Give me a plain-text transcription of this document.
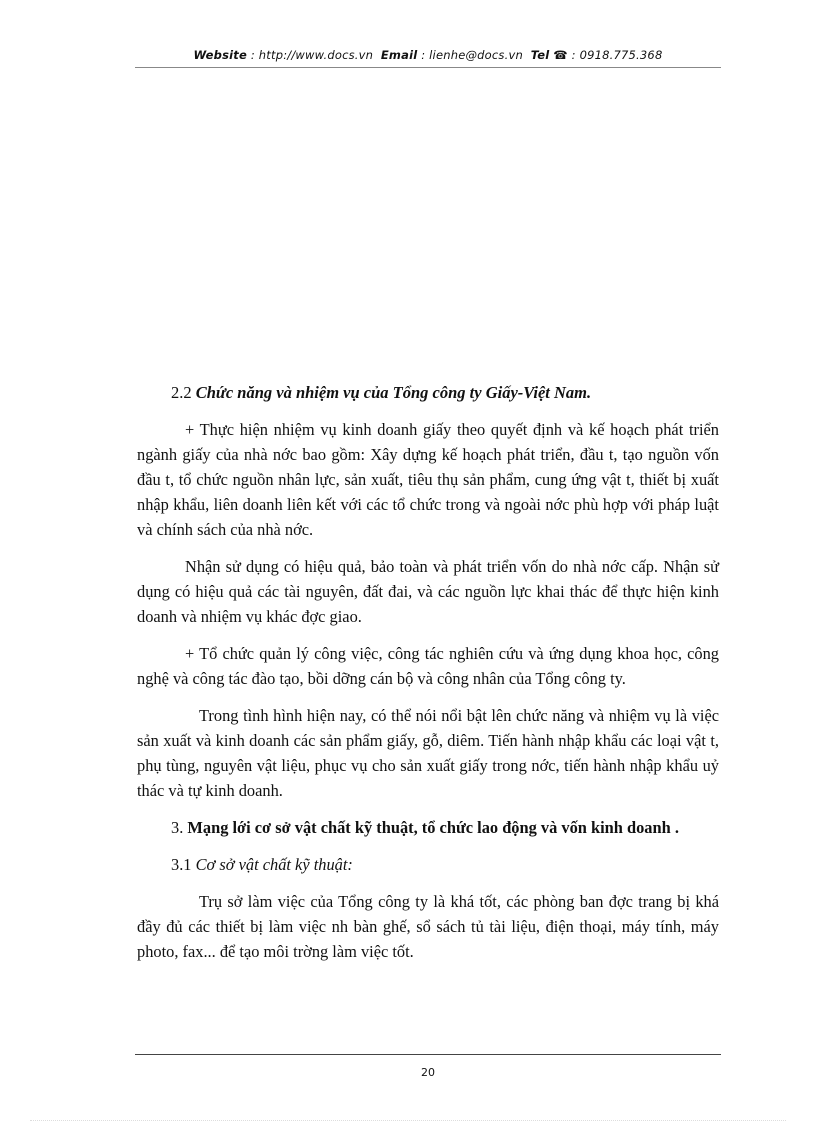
Website : http://www.docs.vn Email : lienhe@docs.vn Tel ☎ : 0918.775.368

2.2 Chức năng và nhiệm vụ của Tổng công ty Giấy-Việt Nam.

+ Thực hiện nhiệm vụ kinh doanh giấy theo quyết định và kế hoạch phát triển ngành giấy của nhà nớc bao gồm: Xây dựng kế hoạch phát triển, đầu t, tạo nguồn vốn đầu t, tổ chức nguồn nhân lực, sản xuất, tiêu thụ sản phẩm, cung ứng vật t, thiết bị xuất nhập khẩu, liên doanh liên kết với các tổ chức trong và ngoài nớc phù hợp với pháp luật và chính sách của nhà nớc.

Nhận sử dụng có hiệu quả, bảo toàn và phát triển vốn do nhà nớc cấp. Nhận sử dụng có hiệu quả các tài nguyên, đất đai, và các nguồn lực khai thác để thực hiện kinh doanh và nhiệm vụ khác đợc giao.

+ Tổ chức quản lý công việc, công tác nghiên cứu và ứng dụng khoa học, công nghệ và công tác đào tạo, bồi dỡng cán bộ và công nhân của Tổng công ty.

Trong tình hình hiện nay, có thể nói nổi bật lên chức năng và nhiệm vụ là việc sản xuất và kinh doanh các sản phẩm giấy, gỗ, diêm. Tiến hành nhập khẩu các loại vật t, phụ tùng, nguyên vật liệu, phục vụ cho sản xuất giấy trong nớc, tiến hành nhập khẩu uỷ thác và tự kinh doanh.

3. Mạng lới cơ sở vật chất kỹ thuật, tổ chức lao động và vốn kinh doanh .

3.1 Cơ sở vật chất kỹ thuật:

Trụ sở làm việc của Tổng công ty là khá tốt, các phòng ban đợc trang bị khá đầy đủ các thiết bị làm việc nh bàn ghế, sổ sách tủ tài liệu, điện thoại, máy tính, máy photo, fax... để tạo môi trờng làm việc tốt.

20
